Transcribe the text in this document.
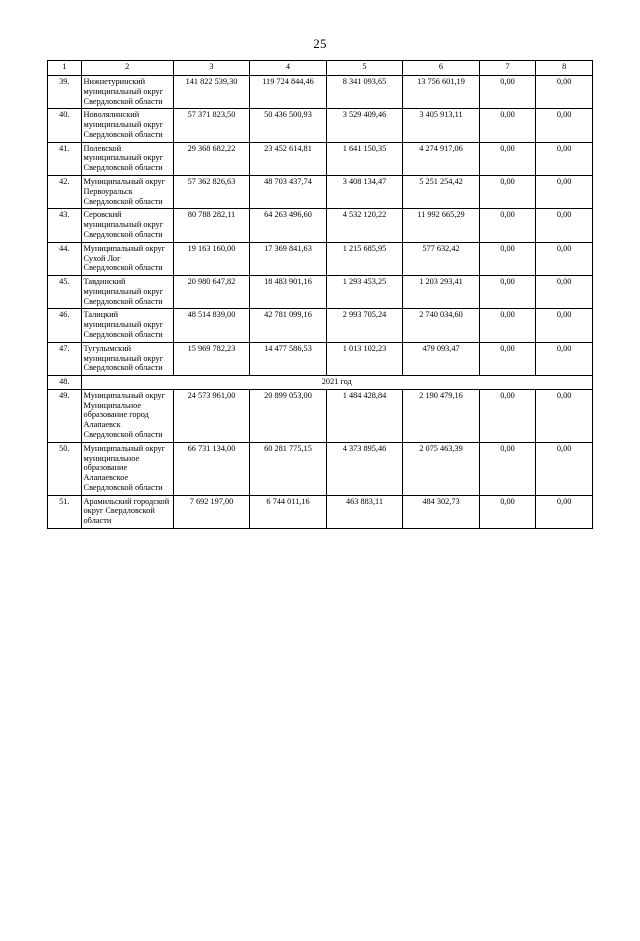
25
1	2	3	4	5	6	7	8
39.	Нижнетуринский муниципальный округ Свердловской области	141 822 539,30	119 724 844,46	8 341 093,65	13 756 601,19	0,00	0,00
40.	Новолялинский муниципальный округ Свердловской области	57 371 823,50	50 436 500,93	3 529 409,46	3 405 913,11	0,00	0,00
41.	Полевской муниципальный округ Свердловской области	29 368 682,22	23 452 614,81	1 641 150,35	4 274 917,06	0,00	0,00
42.	Муниципальный округ Первоуральск Свердловской области	57 362 826,63	48 703 437,74	3 408 134,47	5 251 254,42	0,00	0,00
43.	Серовский муниципальный округ Свердловской области	80 788 282,11	64 263 496,60	4 532 120,22	11 992 665,29	0,00	0,00
44.	Муниципальный округ Сухой Лог Свердловской области	19 163 160,00	17 369 841,63	1 215 685,95	577 632,42	0,00	0,00
45.	Тавдинский муниципальный округ Свердловской области	20 980 647,82	18 483 901,16	1 293 453,25	1 203 293,41	0,00	0,00
46.	Талицкий муниципальный округ Свердловской области	48 514 839,00	42 781 099,16	2 993 705,24	2 740 034,60	0,00	0,00
47.	Тугулымский муниципальный округ Свердловской области	15 969 782,23	14 477 586,53	1 013 102,23	479 093,47	0,00	0,00
48.	2021 год						
49.	Муниципальный округ Муниципальное образование город Алапаевск Свердловской области	24 573 961,00	20 899 053,00	1 484 428,84	2 190 479,16	0,00	0,00
50.	Муниципальный округ муниципальное образование Алапаевское Свердловской области	66 731 134,00	60 281 775,15	4 373 895,46	2 075 463,39	0,00	0,00
51.	Арамильский городской округ Свердловской области	7 692 197,00	6 744 011,16	463 883,11	484 302,73	0,00	0,00
